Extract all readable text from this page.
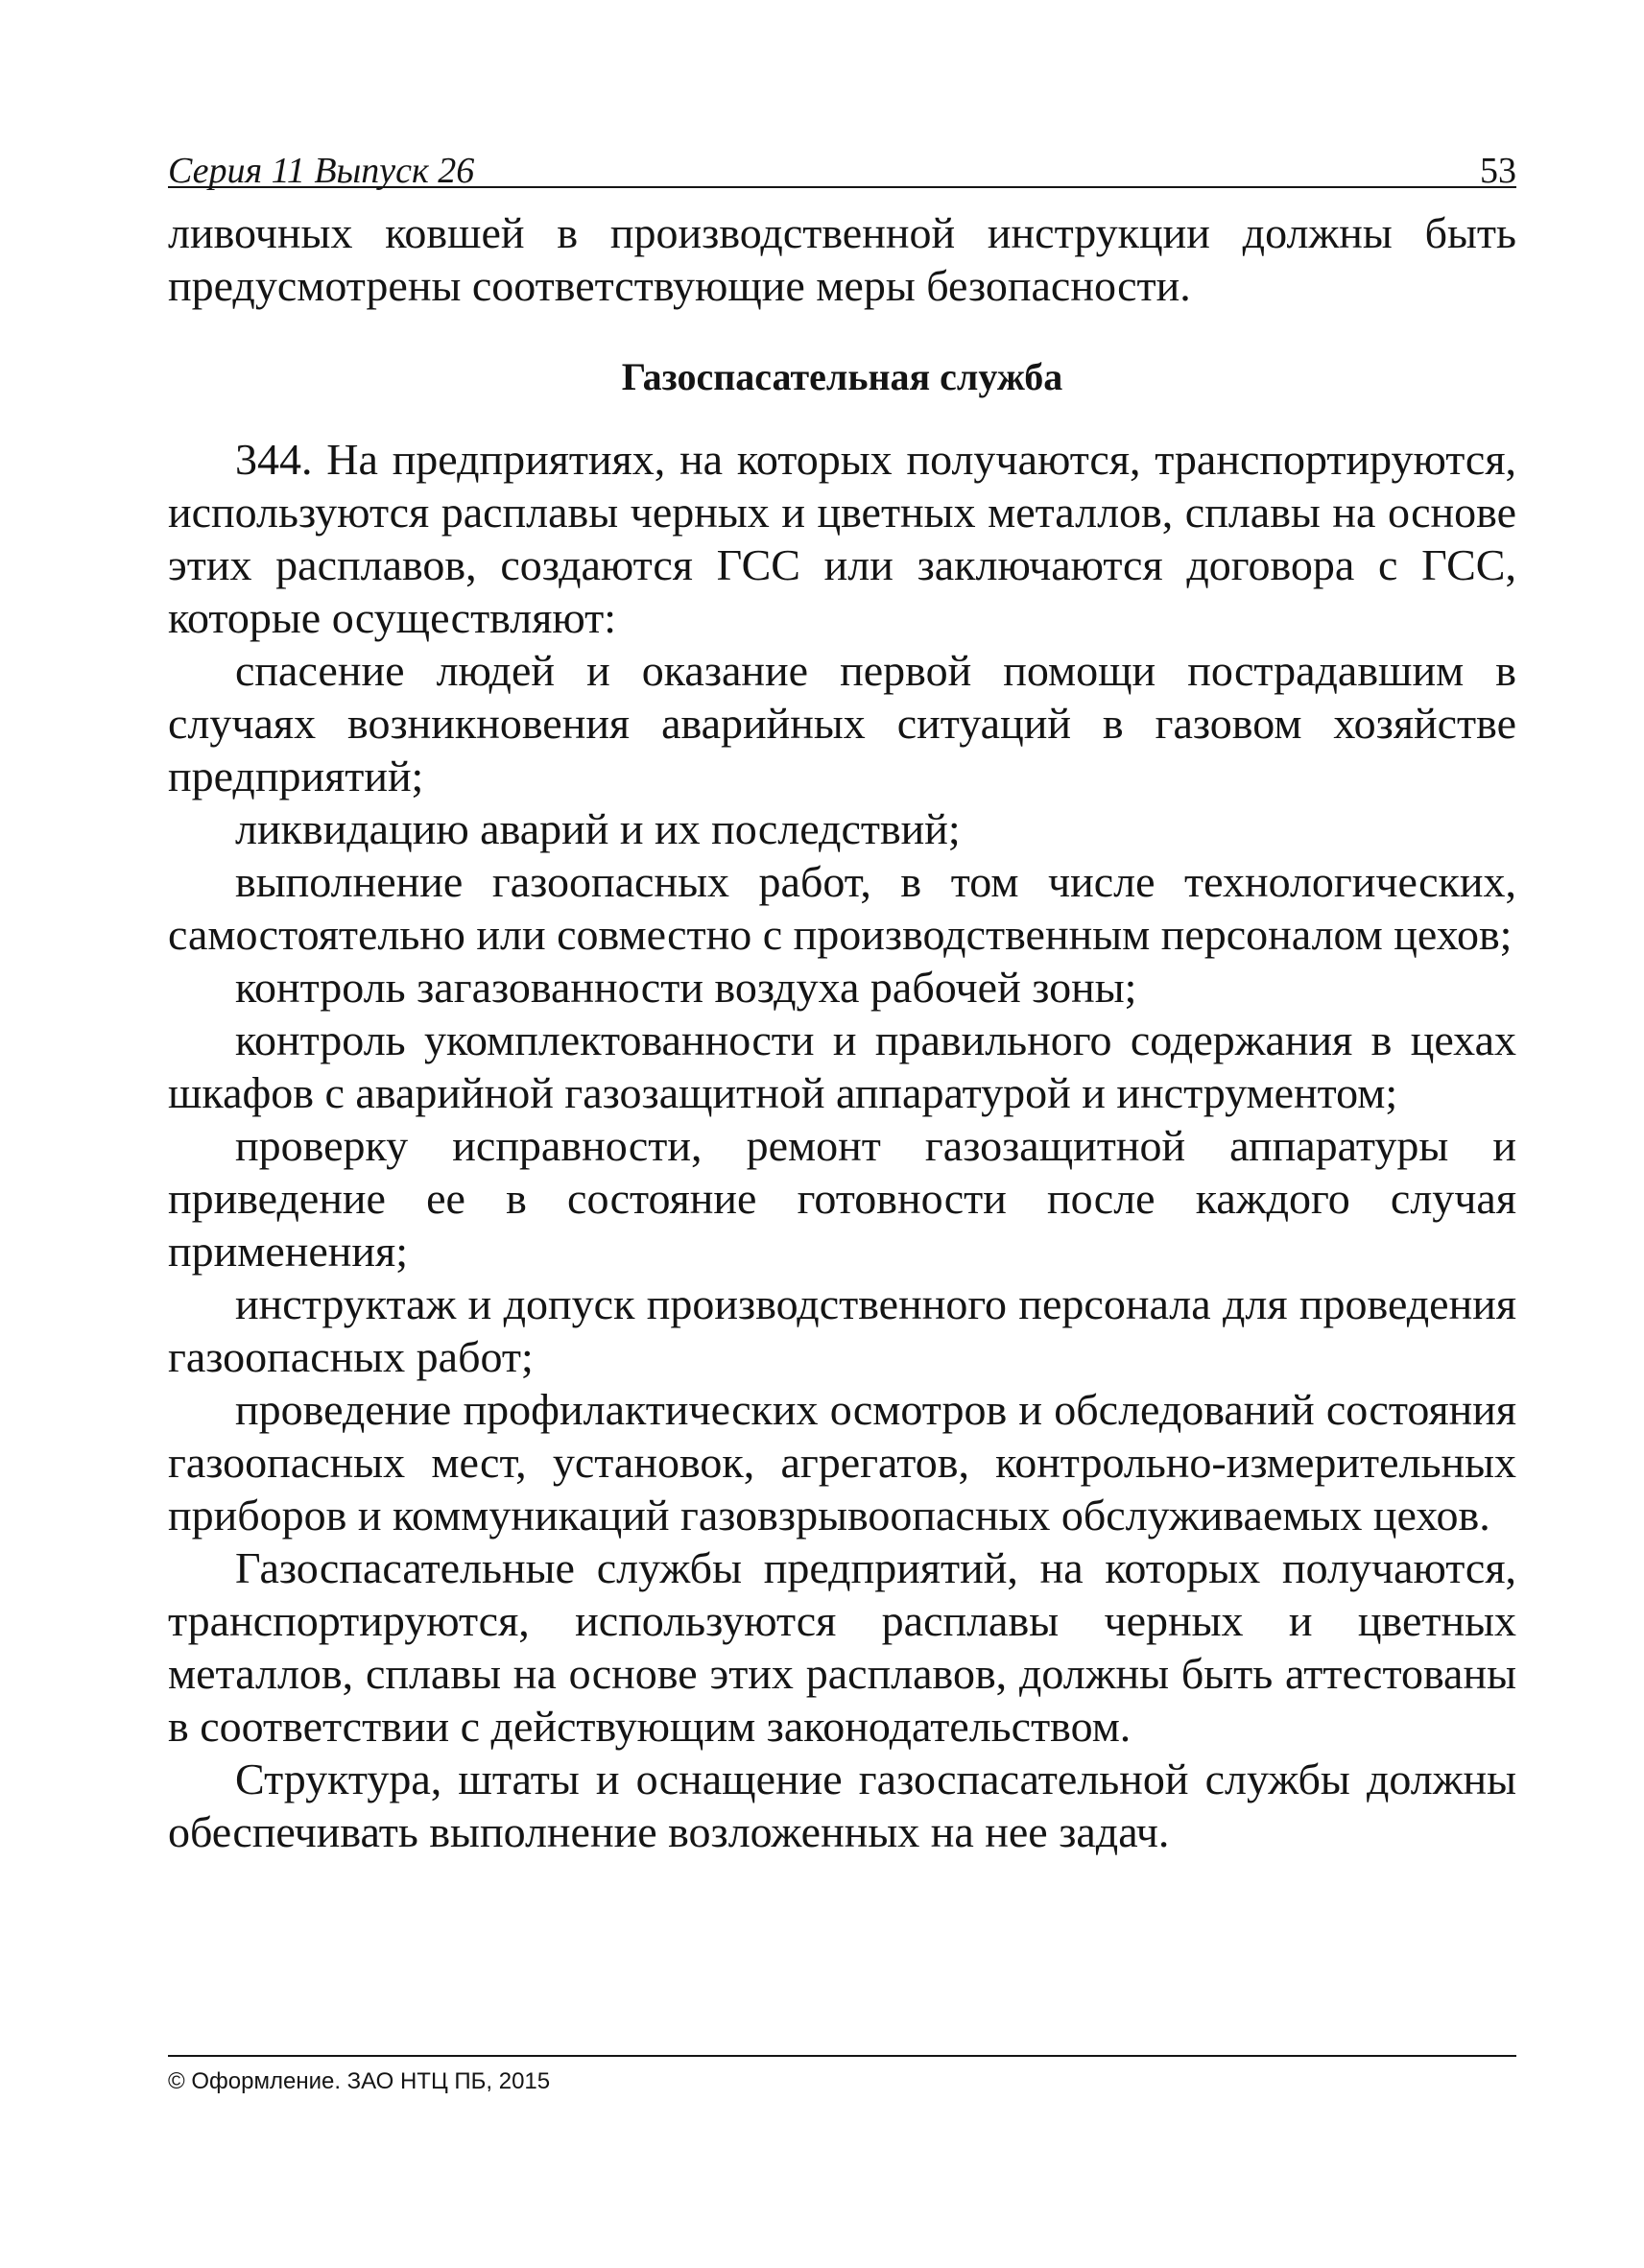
Серия 11 Выпуск 26	53

ливочных ковшей в производственной инструкции должны быть предусмотрены соответствующие меры безопасности.

Газоспасательная служба

344. На предприятиях, на которых получаются, транспортируются, используются расплавы черных и цветных металлов, сплавы на основе этих расплавов, создаются ГСС или заключаются договора с ГСС, которые осуществляют:

спасение людей и оказание первой помощи пострадавшим в случаях возникновения аварийных ситуаций в газовом хозяйстве предприятий;

ликвидацию аварий и их последствий;

выполнение газоопасных работ, в том числе технологических, самостоятельно или совместно с производственным персоналом цехов;

контроль загазованности воздуха рабочей зоны;

контроль укомплектованности и правильного содержания в цехах шкафов с аварийной газозащитной аппаратурой и инструментом;

проверку исправности, ремонт газозащитной аппаратуры и приведение ее в состояние готовности после каждого случая применения;

инструктаж и допуск производственного персонала для проведения газоопасных работ;

проведение профилактических осмотров и обследований состояния газоопасных мест, установок, агрегатов, контрольно-измерительных приборов и коммуникаций газовзрывоопасных обслуживаемых цехов.

Газоспасательные службы предприятий, на которых получаются, транспортируются, используются расплавы черных и цветных металлов, сплавы на основе этих расплавов, должны быть аттестованы в соответствии с действующим законодательством.

Структура, штаты и оснащение газоспасательной службы должны обеспечивать выполнение возложенных на нее задач.

© Оформление. ЗАО НТЦ ПБ, 2015
